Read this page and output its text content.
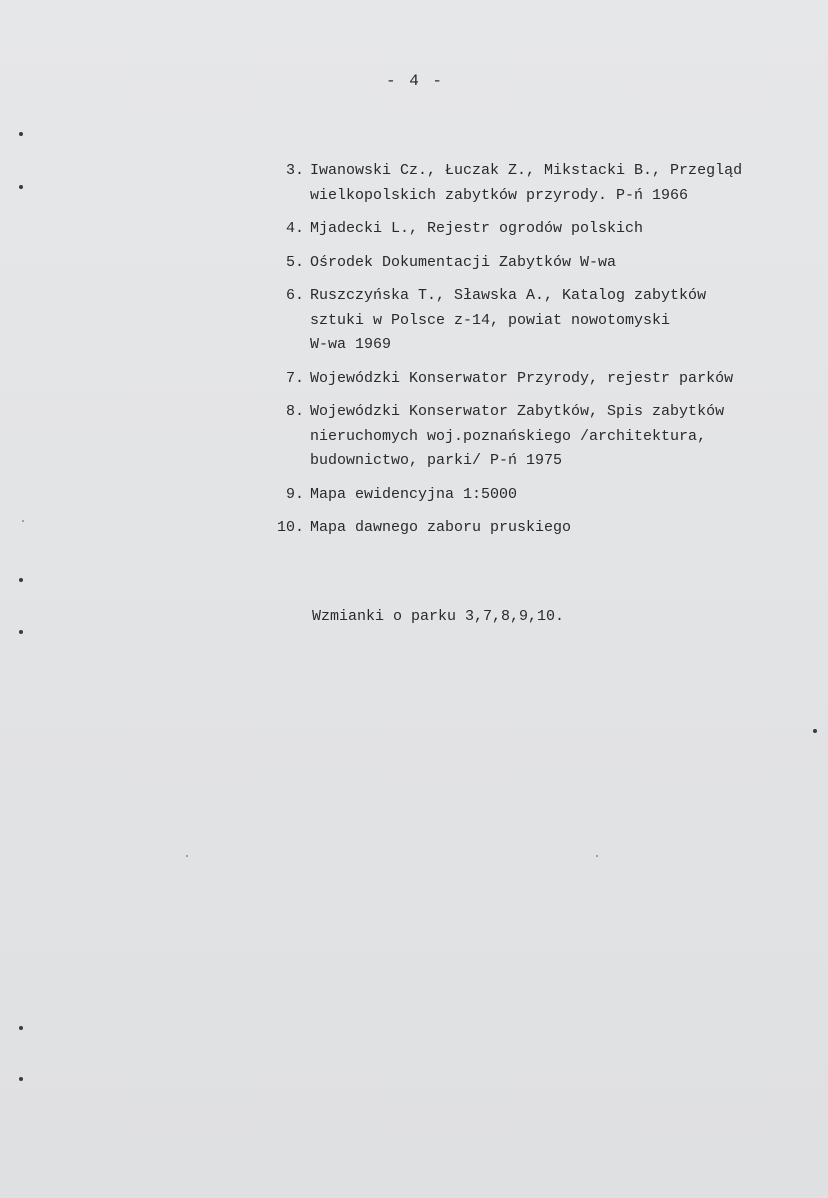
- 4 -
3. Iwanowski Cz., Łuczak Z., Mikstacki B., Przegląd
wielkopolskich zabytków przyrody. P-ń 1966
4. Mjadecki L., Rejestr ogrodów polskich
5. Ośrodek Dokumentacji Zabytków W-wa
6. Ruszczyńska T., Sławska A., Katalog zabytków
sztuki w Polsce z-14, powiat nowotomyski
W-wa 1969
7. Wojewódzki Konserwator Przyrody, rejestr parków
8. Wojewódzki Konserwator Zabytków, Spis zabytków
nieruchomych woj.poznańskiego /architektura,
budownictwo, parki/ P-ń 1975
9. Mapa ewidencyjna 1:5000
10. Mapa dawnego zaboru pruskiego
Wzmianki o parku 3,7,8,9,10.
